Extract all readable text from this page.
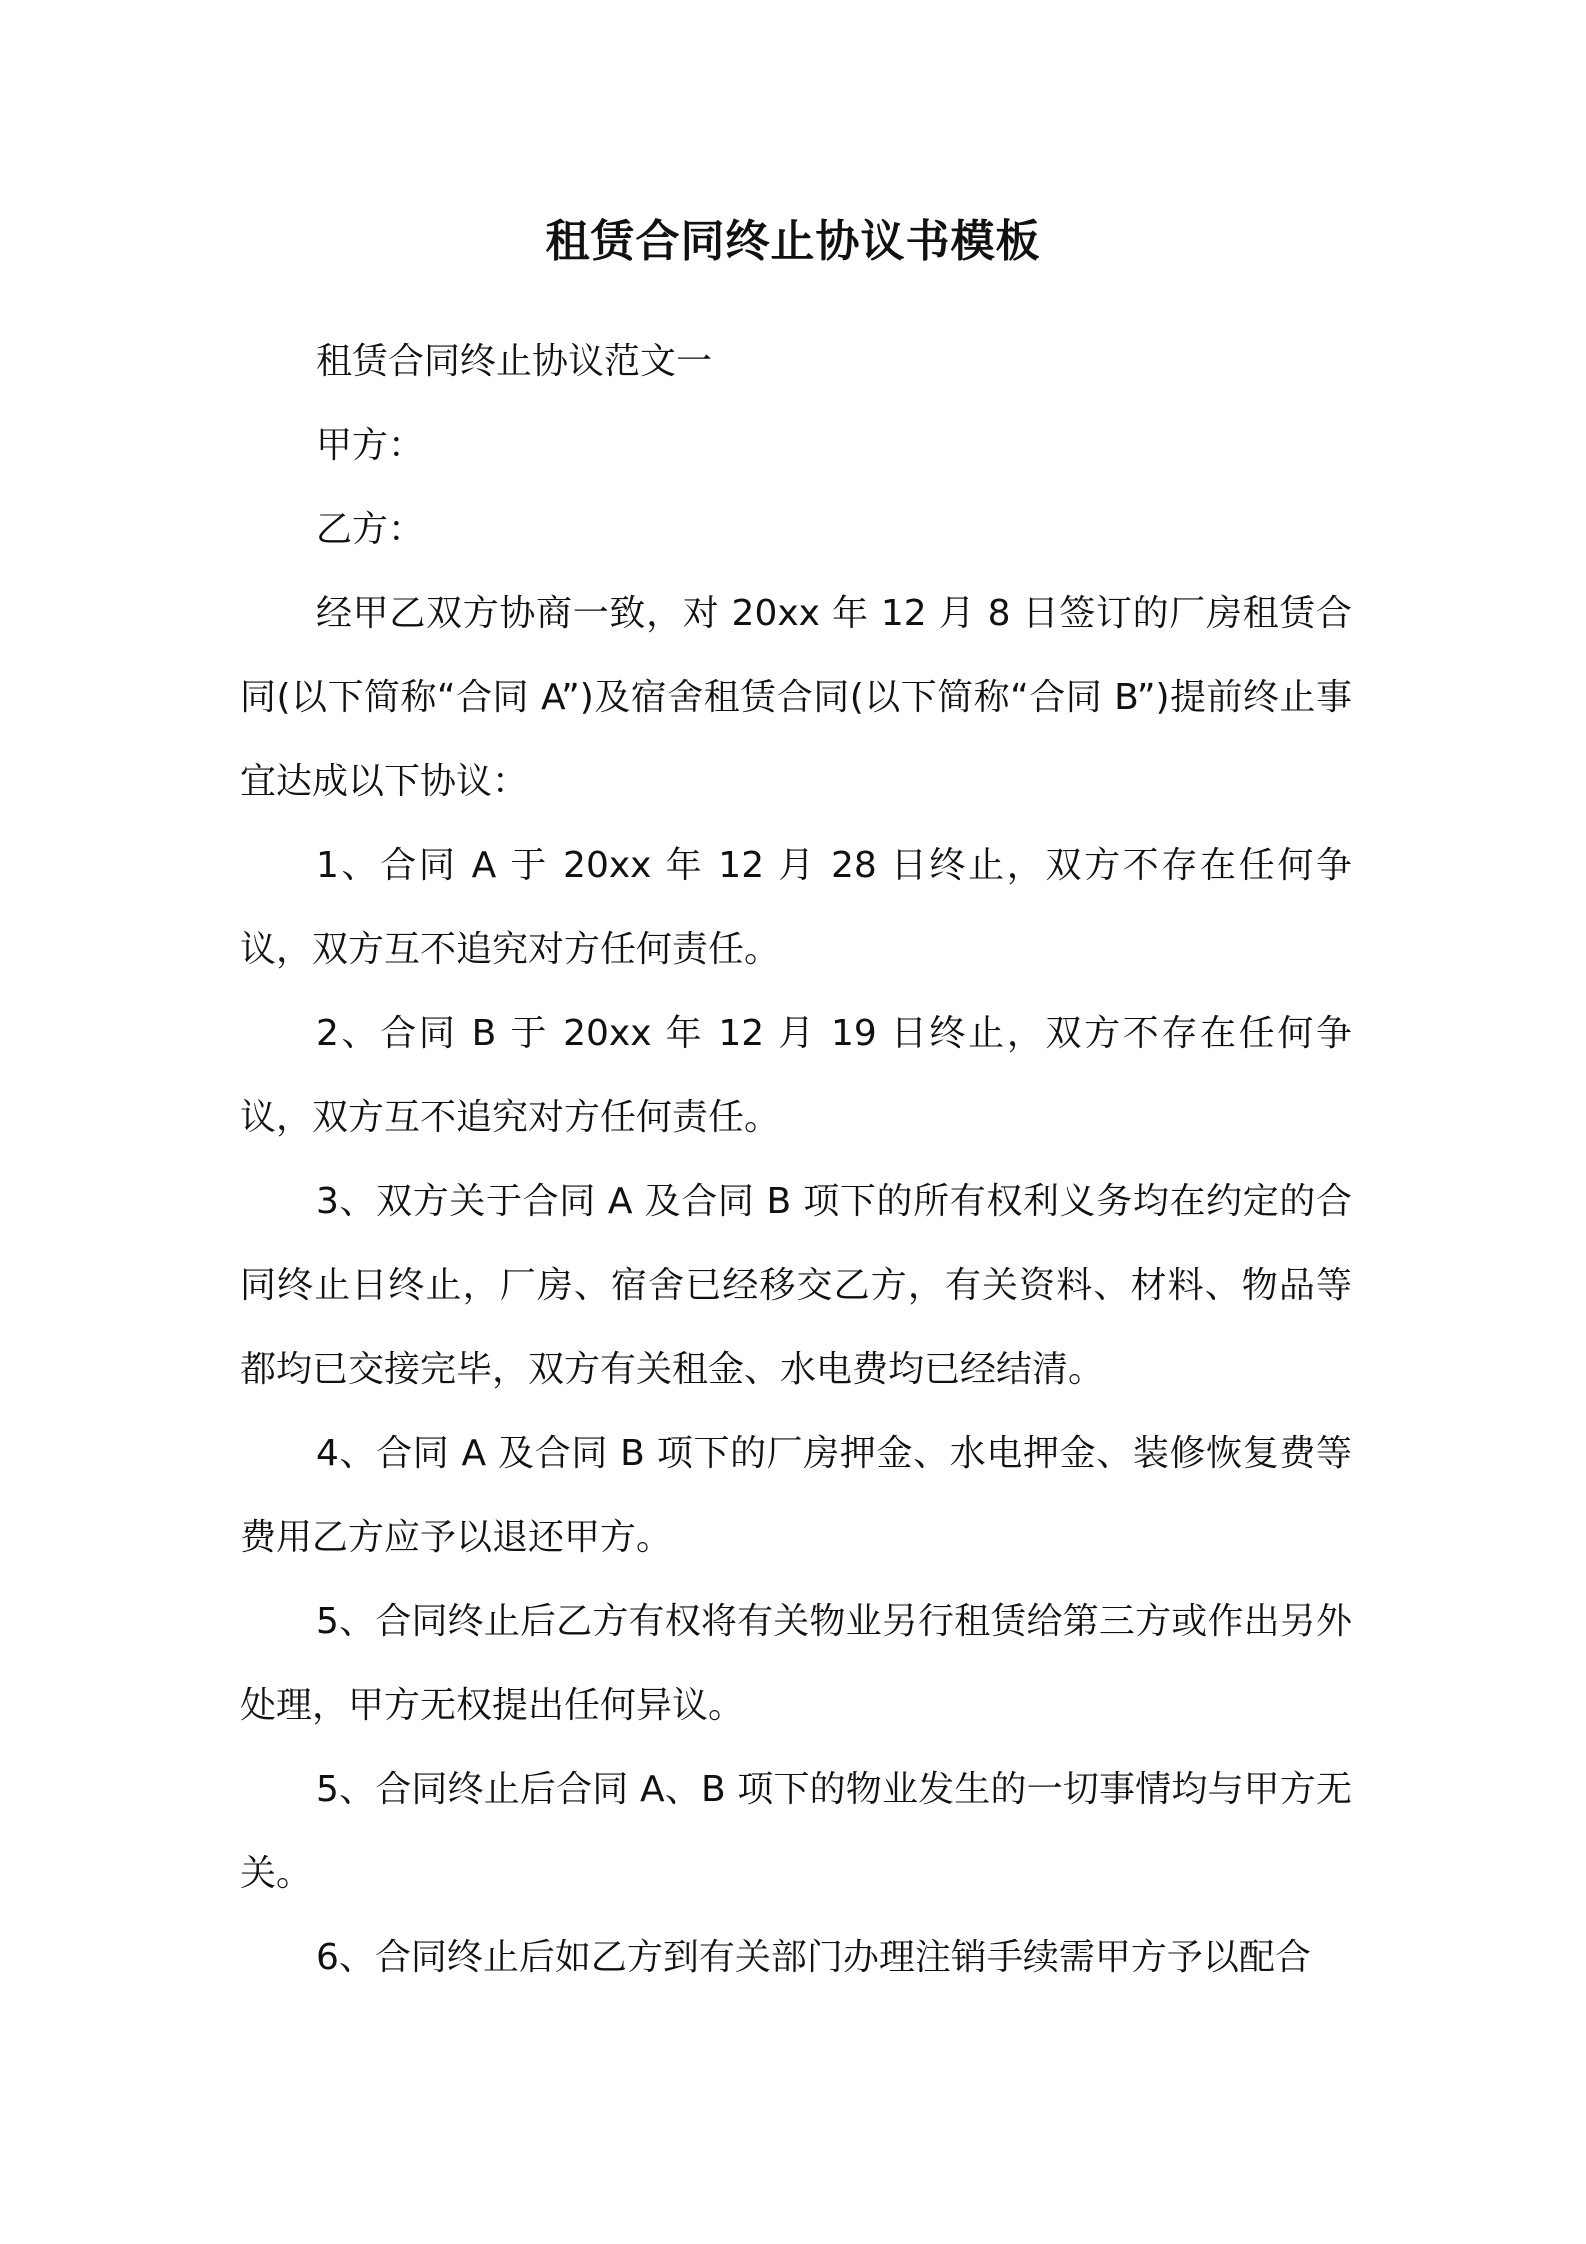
租赁合同终止协议书模板

租赁合同终止协议范文一

甲方：

乙方：

经甲乙双方协商一致，对 20xx 年 12 月 8 日签订的厂房租赁合同(以下简称“合同 A”)及宿舍租赁合同(以下简称“合同 B”)提前终止事宜达成以下协议：

1、合同 A 于 20xx 年 12 月 28 日终止，双方不存在任何争议，双方互不追究对方任何责任。

2、合同 B 于 20xx 年 12 月 19 日终止，双方不存在任何争议，双方互不追究对方任何责任。

3、双方关于合同 A 及合同 B 项下的所有权利义务均在约定的合同终止日终止，厂房、宿舍已经移交乙方，有关资料、材料、物品等都均已交接完毕，双方有关租金、水电费均已经结清。

4、合同 A 及合同 B 项下的厂房押金、水电押金、装修恢复费等费用乙方应予以退还甲方。

5、合同终止后乙方有权将有关物业另行租赁给第三方或作出另外处理，甲方无权提出任何异议。

5、合同终止后合同 A、B 项下的物业发生的一切事情均与甲方无关。

6、合同终止后如乙方到有关部门办理注销手续需甲方予以配合
